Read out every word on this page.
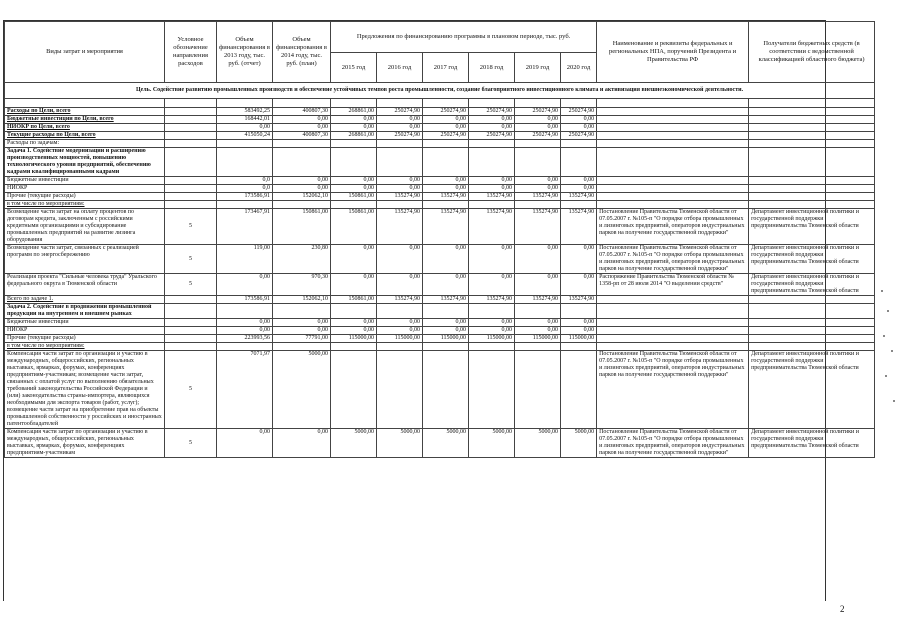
Виды затрат и мероприятия	Условное обозначение направления расходов	Объем финансирования в 2013 году, тыс. руб. (отчет)	Объем финансирования в 2014 году, тыс. руб. (план)	Предложения по финансированию программы в плановом периоде, тыс. руб.						Наименование и реквизиты федеральных и региональных НПА, поручений Президента и Правительства РФ	Получатели бюджетных средств (в соответствии с ведомственной классификацией областного бюджета)
				2015 год	2016 год	2017 год	2018 год	2019 год	2020 год		
Цель. Содействие развитию промышленных производств и обеспечение устойчивых темпов роста промышленности, создание благоприятного инвестиционного климата и активизация внешнеэкономической деятельности.											

Расходы по Цели, всего		583492,25	400807,30	268861,00	250274,90	250274,90	250274,90	250274,90	250274,90		
Бюджетные инвестиции по Цели, всего		168442,01	0,00	0,00	0,00	0,00	0,00	0,00	0,00		
НИОКР по Цели, всего		0,00	0,00	0,00	0,00	0,00	0,00	0,00	0,00		
Текущие расходы по Цели, всего		415050,24	400807,30	268861,00	250274,90	250274,90	250274,90	250274,90	250274,90		
Расходы по задачам:											
Задача 1. Содействие модернизации и расширению производственных мощностей, повышению технологического уровня предприятий, обеспечению кадрами квалифицированными кадрами											
Бюджетные инвестиции		0,0	0,00	0,00	0,00	0,00	0,00	0,00	0,00		
НИОКР		0,0	0,00	0,00	0,00	0,00	0,00	0,00	0,00		
Прочие (текущие расходы)		173586,91	152062,10	150861,00	135274,90	135274,90	135274,90	135274,90	135274,90		
в том числе по мероприятиям:											
Возмещение части затрат на оплату процентов по договорам кредита, заключенным с российскими кредитными организациями и субсидирование промышленных предприятий на развитие лизинга оборудования	5	173467,91	150861,00	150861,00	135274,90	135274,90	135274,90	135274,90	135274,90	Постановление Правительства Тюменской области от 07.05.2007 г. №105-п "О порядке отбора промышленных и лизинговых предприятий, операторов индустриальных парков на получение государственной поддержки"	Департамент инвестиционной политики и государственной поддержки предпринимательства Тюменской области
Возмещение части затрат, связанных с реализацией программ по энергосбережению	5	119,00	230,80	0,00	0,00	0,00	0,00	0,00	0,00	Постановление Правительства Тюменской области от 07.05.2007 г. №105-п "О порядке отбора промышленных и лизинговых предприятий, операторов индустриальных парков на получение государственной поддержки"	Департамент инвестиционной политики и государственной поддержки предпринимательства Тюменской области
Реализация проекта "Сильные человека труда" Уральского федерального округа в Тюменской области	5	0,00	970,30	0,00	0,00	0,00	0,00	0,00	0,00	Распоряжение Правительства Тюменской области № 1358-рп от 28 июля 2014 "О выделении средств"	Департамент инвестиционной политики и государственной поддержки предпринимательства Тюменской области
Всего по задаче 1.		173586,91	152062,10	150861,00	135274,90	135274,90	135274,90	135274,90	135274,90		
Задача 2. Содействие в продвижении промышленной продукции на внутреннем и внешнем рынках											
Бюджетные инвестиции		0,00	0,00	0,00	0,00	0,00	0,00	0,00	0,00		
НИОКР		0,00	0,00	0,00	0,00	0,00	0,00	0,00	0,00		
Прочие (текущие расходы)		223993,56	77791,00	115000,00	115000,00	115000,00	115000,00	115000,00	115000,00		
в том числе по мероприятиям:											
Компенсация части затрат по организации и участию в международных, общероссийских, региональных выставках, ярмарках, форумах, конференциях предприятиям-участникам; возмещение части затрат, связанных с оплатой услуг по выполнению обязательных требований законодательства Российской Федерации и (или) законодательства страны-импортера, являющихся необходимыми для экспорта товаров (работ, услуг); возмещение части затрат на приобретение прав на объекты промышленной собственности у российских и иностранных патентообладателей	5	7071,97	5000,00							Постановление Правительства Тюменской области от 07.05.2007 г. №105-п "О порядке отбора промышленных и лизинговых предприятий, операторов индустриальных парков на получение государственной поддержки"	Департамент инвестиционной политики и государственной поддержки предпринимательства Тюменской области
Компенсация части затрат по организации и участию в международных, общероссийских, региональных выставках, ярмарках, форумах, конференциях предприятиям-участникам	5	0,00	0,00	5000,00	5000,00	5000,00	5000,00	5000,00	5000,00	Постановление Правительства Тюменской области от 07.05.2007 г. №105-п "О порядке отбора промышленных и лизинговых предприятий, операторов индустриальных парков на получение государственной поддержки"	Департамент инвестиционной политики и государственной поддержки предпринимательства Тюменской области
2
